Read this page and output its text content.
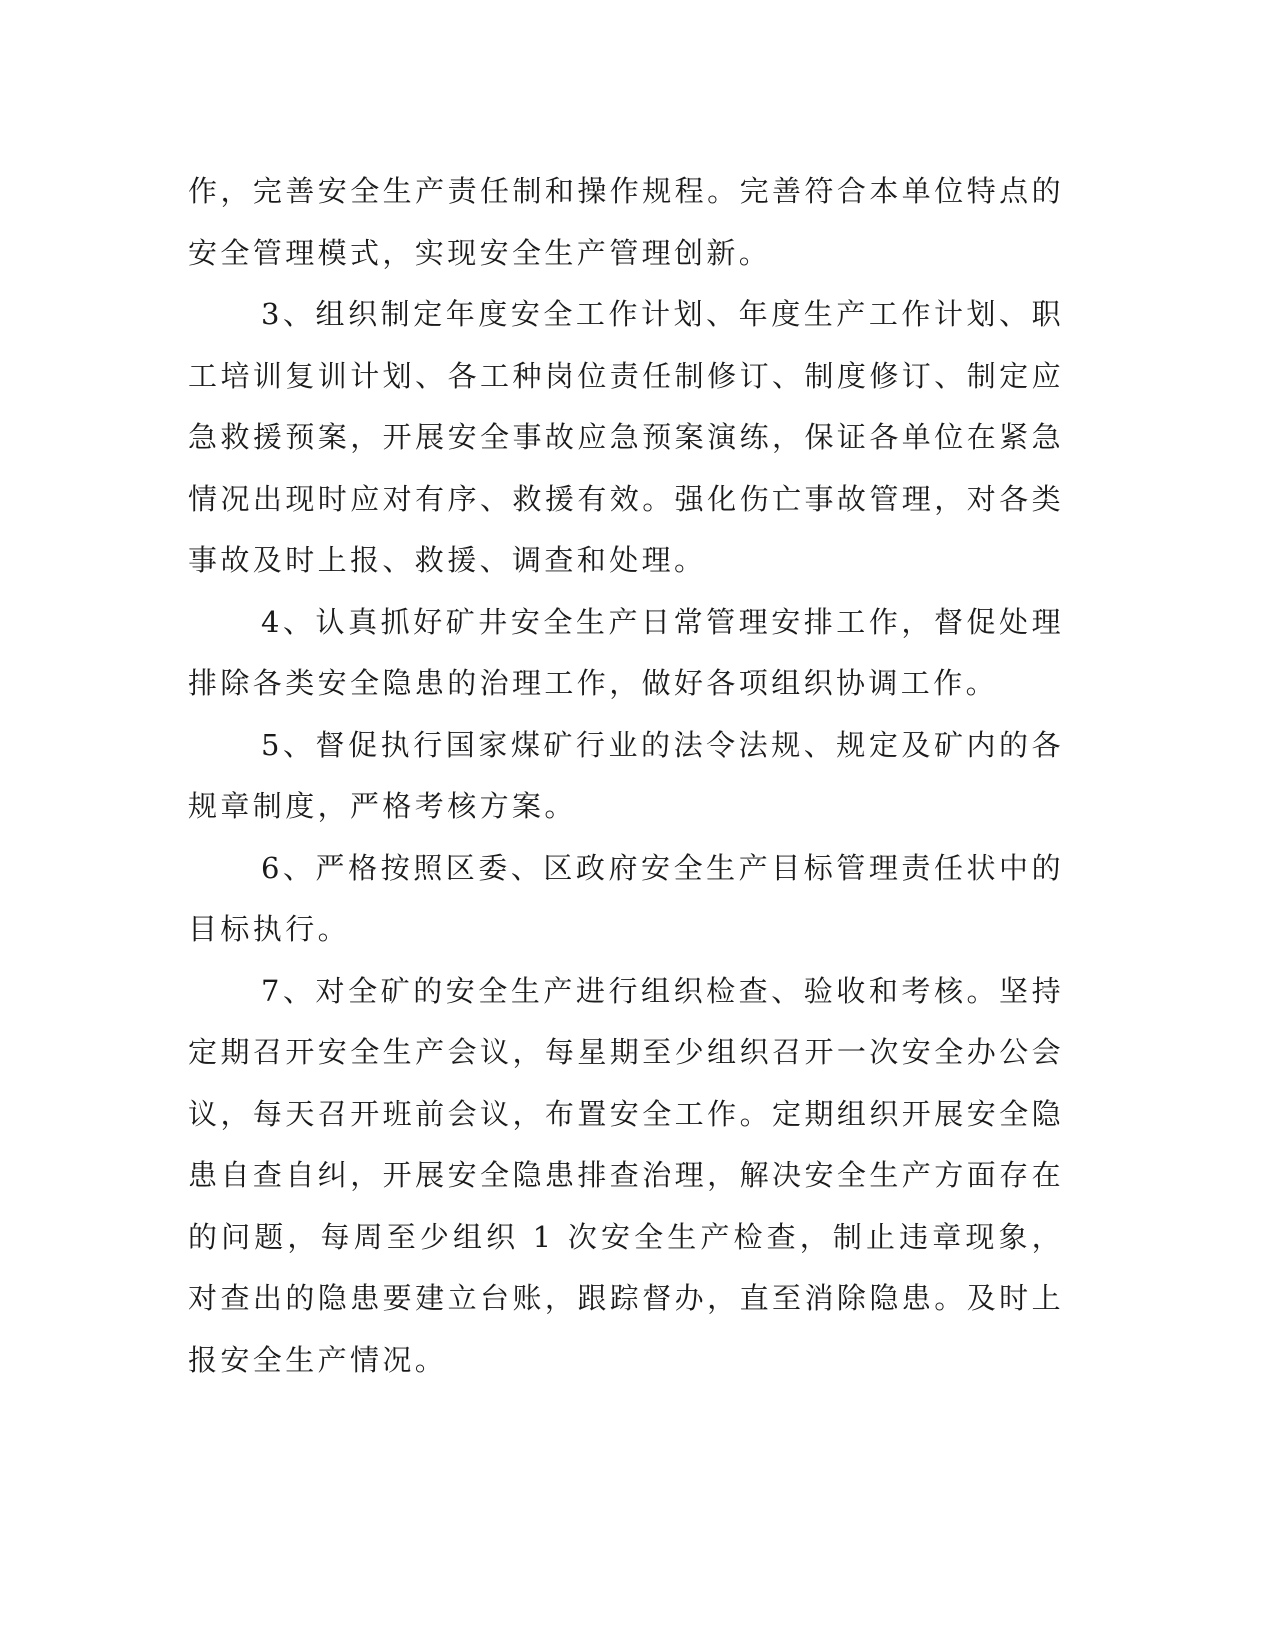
作，完善安全生产责任制和操作规程。完善符合本单位特点的安全管理模式，实现安全生产管理创新。

3、组织制定年度安全工作计划、年度生产工作计划、职工培训复训计划、各工种岗位责任制修订、制度修订、制定应急救援预案，开展安全事故应急预案演练，保证各单位在紧急情况出现时应对有序、救援有效。强化伤亡事故管理，对各类事故及时上报、救援、调查和处理。

4、认真抓好矿井安全生产日常管理安排工作，督促处理排除各类安全隐患的治理工作，做好各项组织协调工作。

5、督促执行国家煤矿行业的法令法规、规定及矿内的各规章制度，严格考核方案。

6、严格按照区委、区政府安全生产目标管理责任状中的目标执行。

7、对全矿的安全生产进行组织检查、验收和考核。坚持定期召开安全生产会议，每星期至少组织召开一次安全办公会议，每天召开班前会议，布置安全工作。定期组织开展安全隐患自查自纠，开展安全隐患排查治理，解决安全生产方面存在的问题，每周至少组织 1 次安全生产检查，制止违章现象，对查出的隐患要建立台账，跟踪督办，直至消除隐患。及时上报安全生产情况。
